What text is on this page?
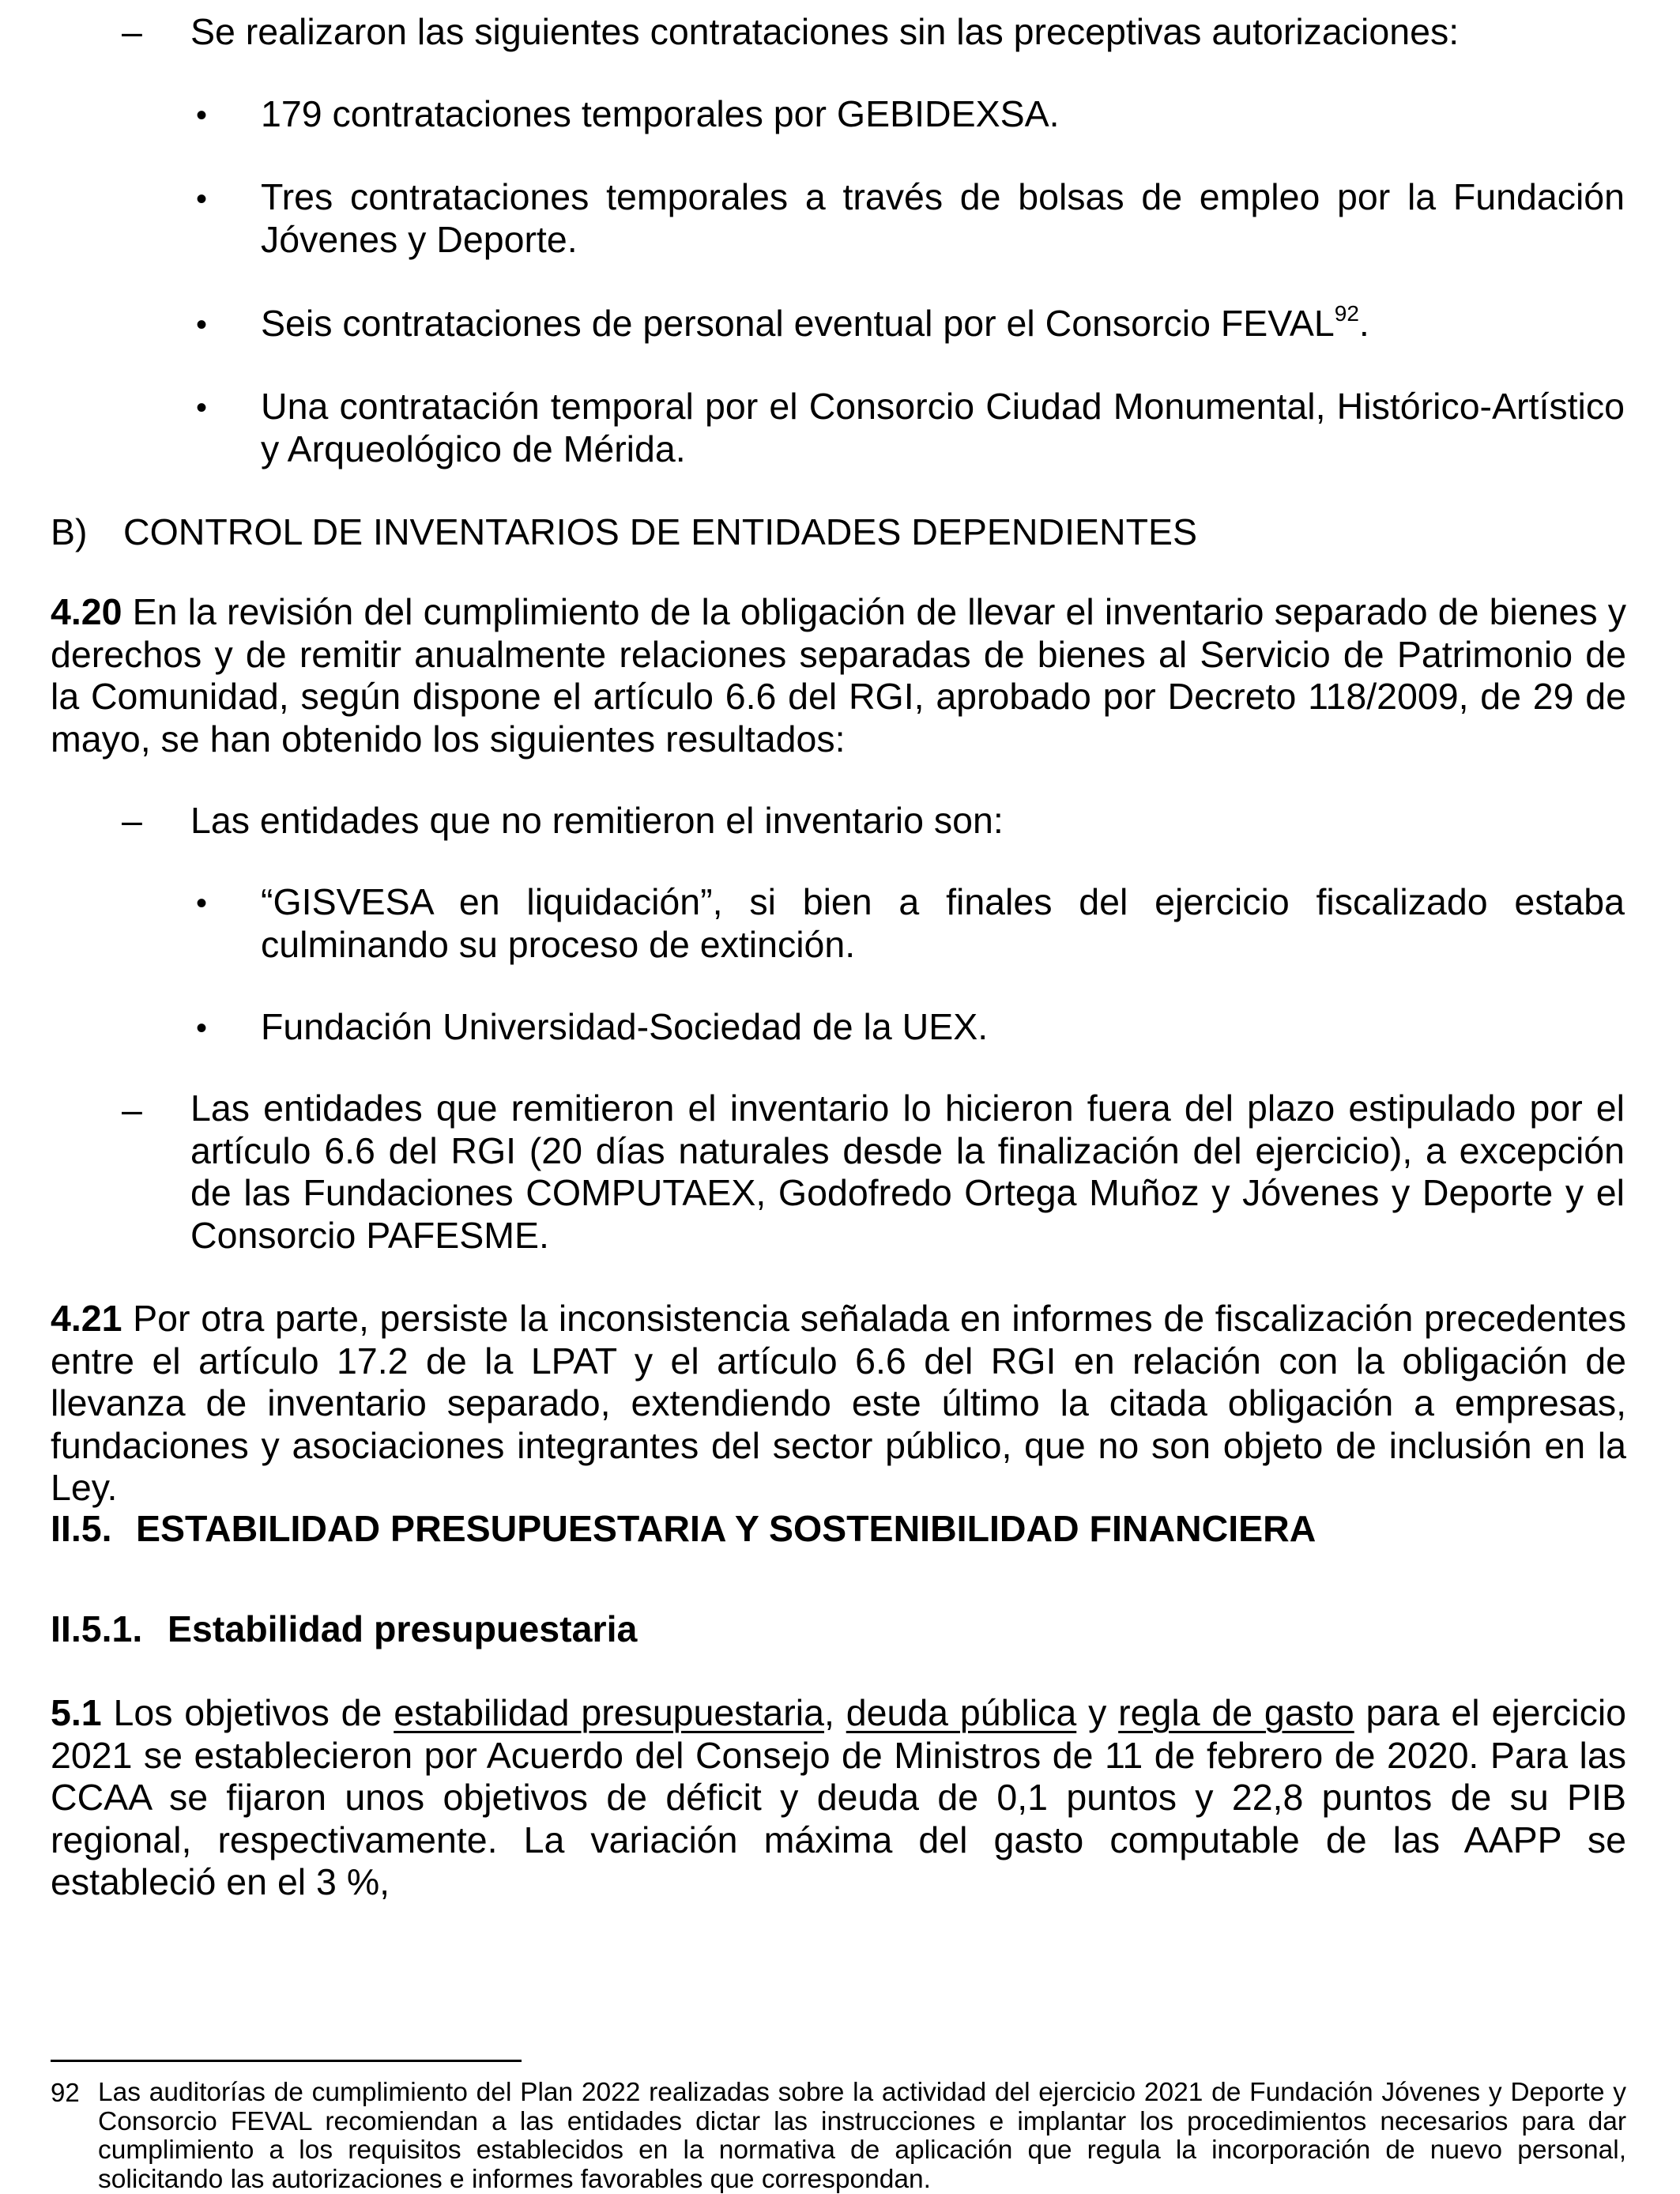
– Se realizaron las siguientes contrataciones sin las preceptivas autorizaciones:

• 179 contrataciones temporales por GEBIDEXSA.

• Tres contrataciones temporales a través de bolsas de empleo por la Fundación Jóvenes y Deporte.

• Seis contrataciones de personal eventual por el Consorcio FEVAL$^{92}$.

• Una contratación temporal por el Consorcio Ciudad Monumental, Histórico-Artístico y Arqueológico de Mérida.

B) CONTROL DE INVENTARIOS DE ENTIDADES DEPENDIENTES

4.20 En la revisión del cumplimiento de la obligación de llevar el inventario separado de bienes y derechos y de remitir anualmente relaciones separadas de bienes al Servicio de Patrimonio de la Comunidad, según dispone el artículo 6.6 del RGI, aprobado por Decreto 118/2009, de 29 de mayo, se han obtenido los siguientes resultados:

– Las entidades que no remitieron el inventario son:

• “GISVESA en liquidación”, si bien a finales del ejercicio fiscalizado estaba culminando su proceso de extinción.

• Fundación Universidad-Sociedad de la UEX.

– Las entidades que remitieron el inventario lo hicieron fuera del plazo estipulado por el artículo 6.6 del RGI (20 días naturales desde la finalización del ejercicio), a excepción de las Fundaciones COMPUTAEX, Godofredo Ortega Muñoz y Jóvenes y Deporte y el Consorcio PAFESME.

4.21 Por otra parte, persiste la inconsistencia señalada en informes de fiscalización precedentes entre el artículo 17.2 de la LPAT y el artículo 6.6 del RGI en relación con la obligación de llevanza de inventario separado, extendiendo este último la citada obligación a empresas, fundaciones y asociaciones integrantes del sector público, que no son objeto de inclusión en la Ley.

II.5. ESTABILIDAD PRESUPUESTARIA Y SOSTENIBILIDAD FINANCIERA

II.5.1. Estabilidad presupuestaria

5.1 Los objetivos de estabilidad presupuestaria, deuda pública y regla de gasto para el ejercicio 2021 se establecieron por Acuerdo del Consejo de Ministros de 11 de febrero de 2020. Para las CCAA se fijaron unos objetivos de déficit y deuda de 0,1 puntos y 22,8 puntos de su PIB regional, respectivamente. La variación máxima del gasto computable de las AAPP se estableció en el 3 %,

92 Las auditorías de cumplimiento del Plan 2022 realizadas sobre la actividad del ejercicio 2021 de Fundación Jóvenes y Deporte y Consorcio FEVAL recomiendan a las entidades dictar las instrucciones e implantar los procedimientos necesarios para dar cumplimiento a los requisitos establecidos en la normativa de aplicación que regula la incorporación de nuevo personal, solicitando las autorizaciones e informes favorables que correspondan.
